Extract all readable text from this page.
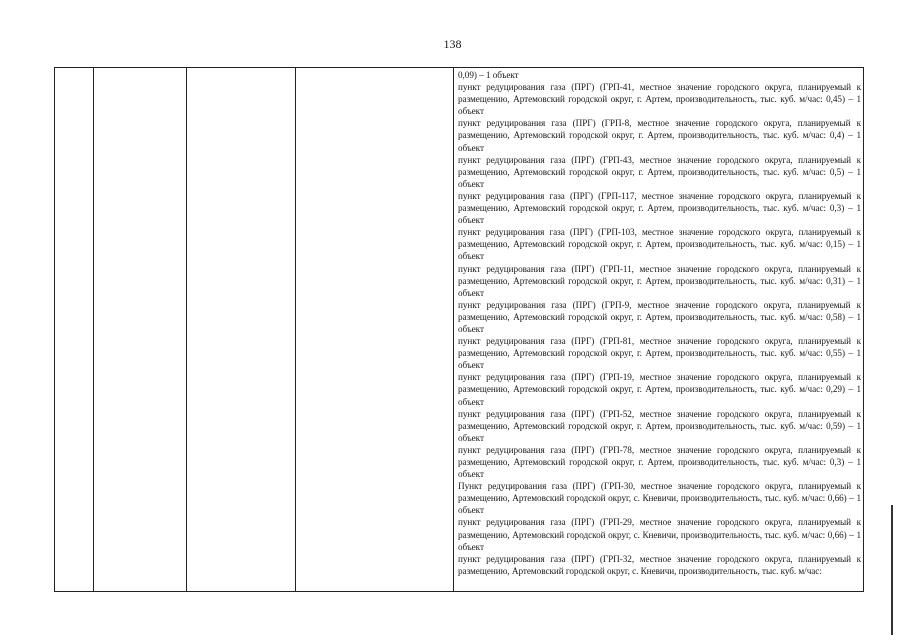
138

0,09) – 1 объект

пункт редуцирования газа (ПРГ) (ГРП-41, местное значение городского округа, планируемый к размещению, Артемовский городской округ, г. Артем, производительность, тыс. куб. м/час: 0,45) – 1 объект

пункт редуцирования газа (ПРГ) (ГРП-8, местное значение городского округа, планируемый к размещению, Артемовский городской округ, г. Артем, производительность, тыс. куб. м/час: 0,4) – 1 объект

пункт редуцирования газа (ПРГ) (ГРП-43, местное значение городского округа, планируемый к размещению, Артемовский городской округ, г. Артем, производительность, тыс. куб. м/час: 0,5) – 1 объект

пункт редуцирования газа (ПРГ) (ГРП-117, местное значение городского округа, планируемый к размещению, Артемовский городской округ, г. Артем, производительность, тыс. куб. м/час: 0,3) – 1 объект

пункт редуцирования газа (ПРГ) (ГРП-103, местное значение городского округа, планируемый к размещению, Артемовский городской округ, г. Артем, производительность, тыс. куб. м/час: 0,15) – 1 объект

пункт редуцирования газа (ПРГ) (ГРП-11, местное значение городского округа, планируемый к размещению, Артемовский городской округ, г. Артем, производительность, тыс. куб. м/час: 0,31) – 1 объект

пункт редуцирования газа (ПРГ) (ГРП-9, местное значение городского округа, планируемый к размещению, Артемовский городской округ, г. Артем, производительность, тыс. куб. м/час: 0,58) – 1 объект

пункт редуцирования газа (ПРГ) (ГРП-81, местное значение городского округа, планируемый к размещению, Артемовский городской округ, г. Артем, производительность, тыс. куб. м/час: 0,55) – 1 объект

пункт редуцирования газа (ПРГ) (ГРП-19, местное значение городского округа, планируемый к размещению, Артемовский городской округ, г. Артем, производительность, тыс. куб. м/час: 0,29) – 1 объект

пункт редуцирования газа (ПРГ) (ГРП-52, местное значение городского округа, планируемый к размещению, Артемовский городской округ, г. Артем, производительность, тыс. куб. м/час: 0,59) – 1 объект

пункт редуцирования газа (ПРГ) (ГРП-78, местное значение городского округа, планируемый к размещению, Артемовский городской округ, г. Артем, производительность, тыс. куб. м/час: 0,3) – 1 объект

Пункт редуцирования газа (ПРГ) (ГРП-30, местное значение городского округа, планируемый к размещению, Артемовский городской округ, с. Кневичи, производительность, тыс. куб. м/час: 0,66) – 1 объект

пункт редуцирования газа (ПРГ) (ГРП-29, местное значение городского округа, планируемый к размещению, Артемовский городской округ, с. Кневичи, производительность, тыс. куб. м/час: 0,66) – 1 объект

пункт редуцирования газа (ПРГ) (ГРП-32, местное значение городского округа, планируемый к размещению, Артемовский городской округ, с. Кневичи, производительность, тыс. куб. м/час:
